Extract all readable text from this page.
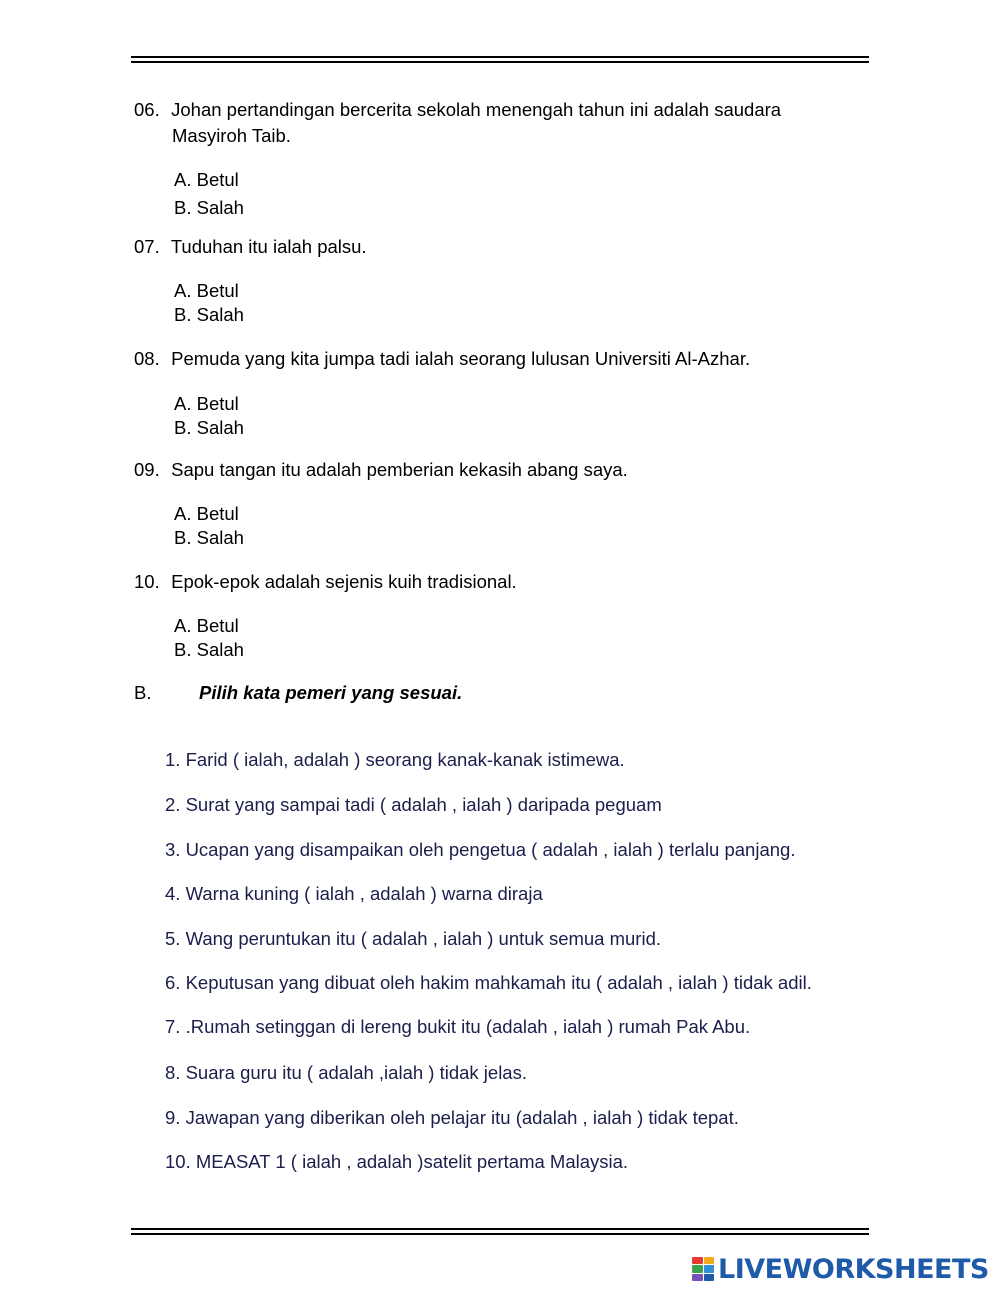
06. Johan pertandingan bercerita sekolah menengah tahun ini adalah saudara
Masyiroh Taib.
A. Betul
B. Salah
07. Tuduhan itu ialah palsu.
A. Betul
B. Salah
08. Pemuda yang kita jumpa tadi ialah seorang lulusan Universiti Al-Azhar.
A. Betul
B. Salah
09. Sapu tangan itu adalah pemberian kekasih abang saya.
A. Betul
B. Salah
10. Epok-epok adalah sejenis kuih tradisional.
A. Betul
B. Salah
B.	Pilih kata pemeri yang sesuai.
1. Farid ( ialah, adalah ) seorang kanak-kanak istimewa.
2. Surat yang sampai tadi ( adalah , ialah ) daripada peguam
3. Ucapan yang disampaikan oleh pengetua ( adalah , ialah ) terlalu panjang.
4. Warna kuning ( ialah , adalah ) warna diraja
5. Wang peruntukan itu ( adalah , ialah ) untuk semua murid.
6. Keputusan yang dibuat oleh hakim mahkamah itu ( adalah , ialah ) tidak adil.
7. .Rumah setinggan di lereng bukit itu (adalah , ialah ) rumah Pak Abu.
8. Suara guru itu ( adalah ,ialah ) tidak jelas.
9. Jawapan yang diberikan oleh pelajar itu (adalah , ialah ) tidak tepat.
10. MEASAT 1 ( ialah , adalah )satelit pertama Malaysia.
LIVEWORKSHEETS
